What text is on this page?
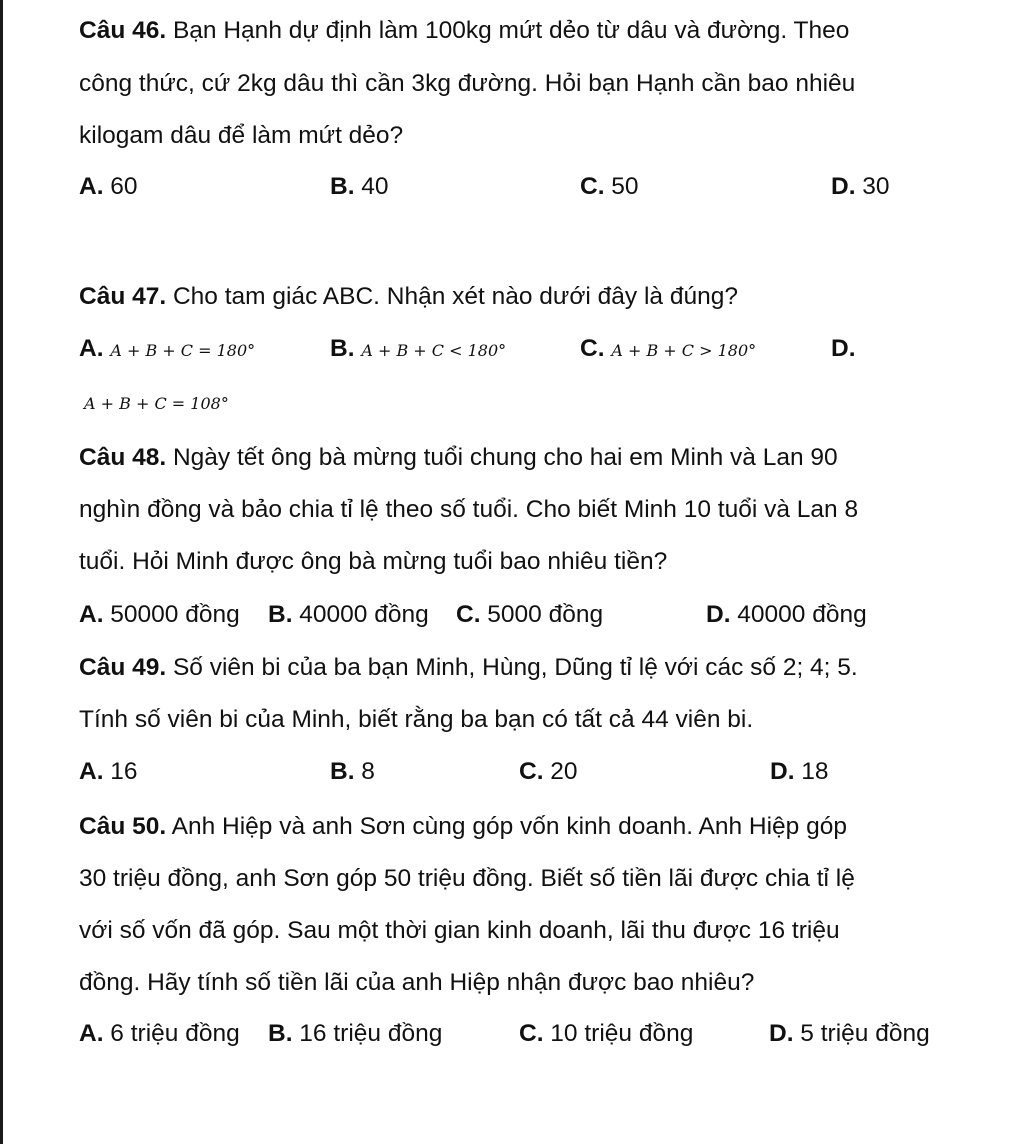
Câu 46. Bạn Hạnh dự định làm 100kg mứt dẻo từ dâu và đường. Theo
công thức, cứ 2kg dâu thì cần 3kg đường. Hỏi bạn Hạnh cần bao nhiêu
kilogam dâu để làm mứt dẻo?
A. 60	B. 40	C. 50	D. 30
Câu 47. Cho tam giác ABC. Nhận xét nào dưới đây là đúng?
A. A + B + C = 180°	B. A + B + C < 180°	C. A + B + C > 180°	D.
A + B + C = 108°
Câu 48. Ngày tết ông bà mừng tuổi chung cho hai em Minh và Lan 90
nghìn đồng và bảo chia tỉ lệ theo số tuổi. Cho biết Minh 10 tuổi và Lan 8
tuổi. Hỏi Minh được ông bà mừng tuổi bao nhiêu tiền?
A. 50000 đồng B. 40000 đồng C. 5000 đồng	D. 40000 đồng
Câu 49. Số viên bi của ba bạn Minh, Hùng, Dũng tỉ lệ với các số 2; 4; 5.
Tính số viên bi của Minh, biết rằng ba bạn có tất cả 44 viên bi.
A. 16	B. 8	C. 20	D. 18
Câu 50. Anh Hiệp và anh Sơn cùng góp vốn kinh doanh. Anh Hiệp góp
30 triệu đồng, anh Sơn góp 50 triệu đồng. Biết số tiền lãi được chia tỉ lệ
với số vốn đã góp. Sau một thời gian kinh doanh, lãi thu được 16 triệu
đồng. Hãy tính số tiền lãi của anh Hiệp nhận được bao nhiêu?
A. 6 triệu đồng B. 16 triệu đồng	C. 10 triệu đồng	D. 5 triệu đồng
